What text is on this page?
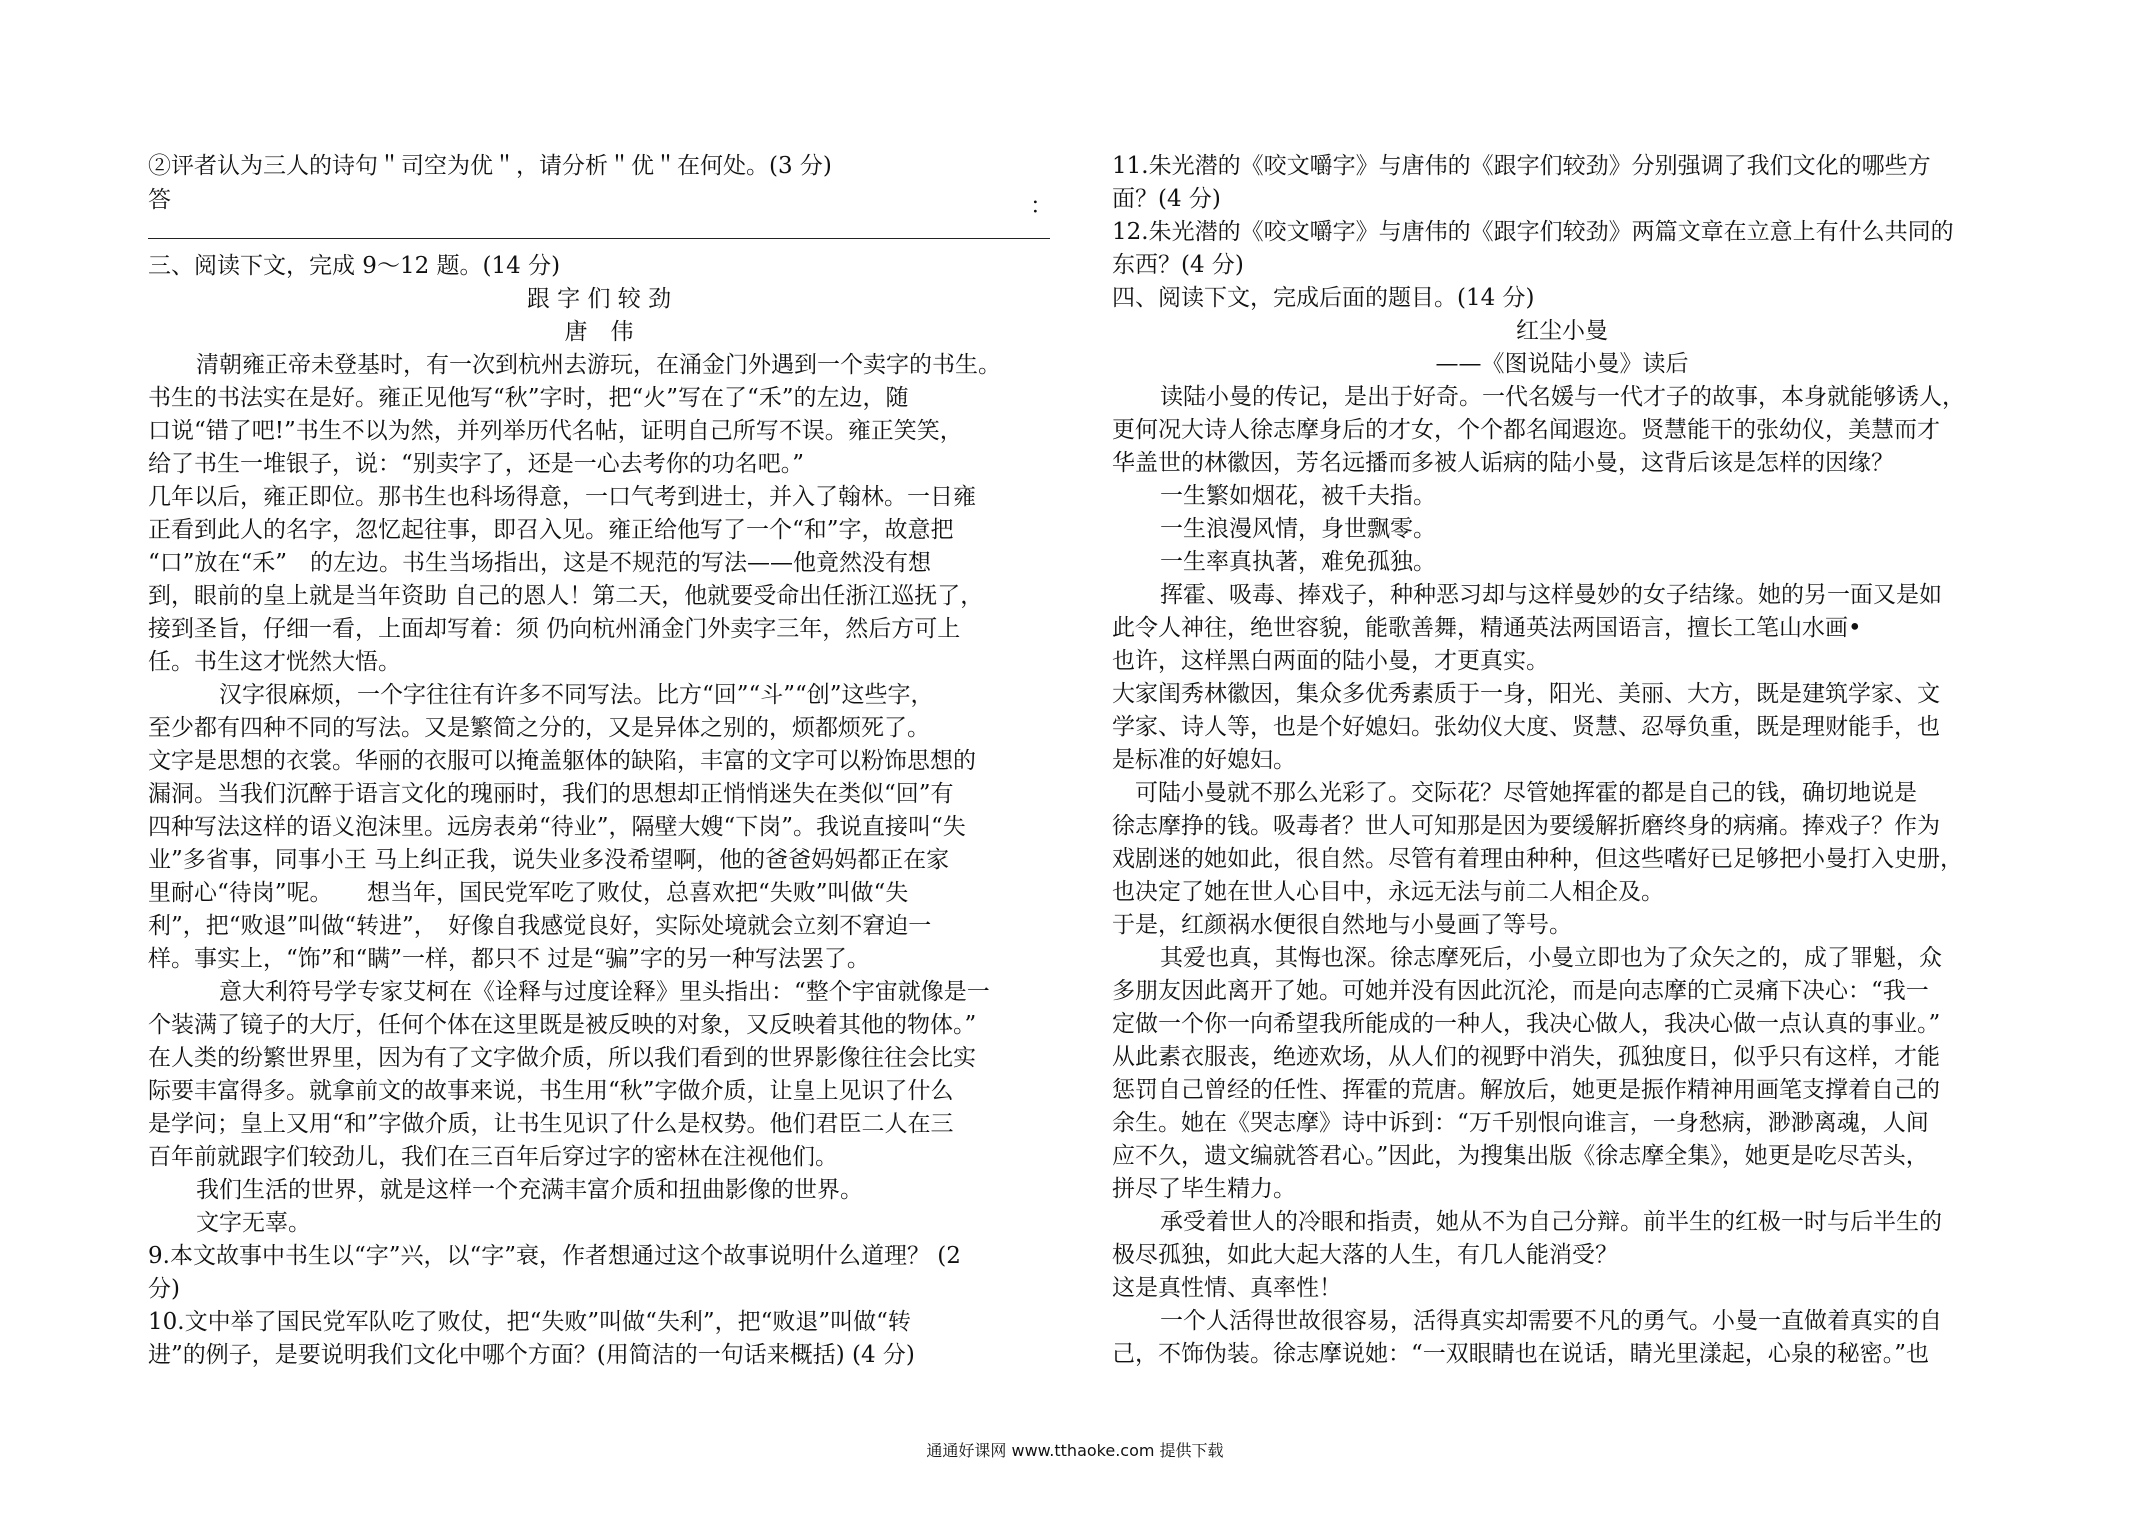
②评者认为三人的诗句＂司空为优＂，请分析＂优＂在何处。(3 分)
答	：
三、阅读下文，完成 9～12 题。(14 分)
跟 字 们 较 劲
唐　伟
清朝雍正帝未登基时，有一次到杭州去游玩，在涌金门外遇到一个卖字的书生。
书生的书法实在是好。雍正见他写“秋”字时，把“火”写在了“禾”的左边，随
口说“错了吧!”书生不以为然，并列举历代名帖，证明自己所写不误。雍正笑笑，
给了书生一堆银子，说：“别卖字了，还是一心去考你的功名吧。”
几年以后，雍正即位。那书生也科场得意，一口气考到进士，并入了翰林。一日雍
正看到此人的名字，忽忆起往事，即召入见。雍正给他写了一个“和”字，故意把
“口”放在“禾”　的左边。书生当场指出，这是不规范的写法——他竟然没有想
到，眼前的皇上就是当年资助 自己的恩人！第二天，他就要受命出任浙江巡抚了，
接到圣旨，仔细一看，上面却写着：须 仍向杭州涌金门外卖字三年，然后方可上
任。书生这才恍然大悟。
　汉字很麻烦，一个字往往有许多不同写法。比方“回”“斗”“创”这些字，
至少都有四种不同的写法。又是繁简之分的，又是异体之别的，烦都烦死了。
文字是思想的衣裳。华丽的衣服可以掩盖躯体的缺陷，丰富的文字可以粉饰思想的
漏洞。当我们沉醉于语言文化的瑰丽时，我们的思想却正悄悄迷失在类似“回”有
四种写法这样的语义泡沫里。远房表弟“待业”，隔壁大嫂“下岗”。我说直接叫“失
业”多省事，同事小王 马上纠正我，说失业多没希望啊，他的爸爸妈妈都正在家
里耐心“待岗”呢。　　想当年，国民党军吃了败仗，总喜欢把“失败”叫做“失
利”，把“败退”叫做“转进”，　好像自我感觉良好，实际处境就会立刻不窘迫一
样。事实上，“饰”和“瞒”一样，都只不 过是“骗”字的另一种写法罢了。
　意大利符号学专家艾柯在《诠释与过度诠释》里头指出：“整个宇宙就像是一
个装满了镜子的大厅，任何个体在这里既是被反映的对象，又反映着其他的物体。”
在人类的纷繁世界里，因为有了文字做介质，所以我们看到的世界影像往往会比实
际要丰富得多。就拿前文的故事来说，书生用“秋”字做介质，让皇上见识了什么
是学问；皇上又用“和”字做介质，让书生见识了什么是权势。他们君臣二人在三
百年前就跟字们较劲儿，我们在三百年后穿过字的密林在注视他们。
我们生活的世界，就是这样一个充满丰富介质和扭曲影像的世界。
文字无辜。
9.本文故事中书生以“字”兴，以“字”衰，作者想通过这个故事说明什么道理？ (2
分)
10.文中举了国民党军队吃了败仗，把“失败”叫做“失利”，把“败退”叫做“转
进”的例子，是要说明我们文化中哪个方面？(用简洁的一句话来概括) (4 分)
11.朱光潜的《咬文嚼字》与唐伟的《跟字们较劲》分别强调了我们文化的哪些方
面？(4 分)
12.朱光潜的《咬文嚼字》与唐伟的《跟字们较劲》两篇文章在立意上有什么共同的
东西？(4 分)
四、阅读下文，完成后面的题目。(14 分)
红尘小曼
——《图说陆小曼》读后
读陆小曼的传记，是出于好奇。一代名媛与一代才子的故事，本身就能够诱人，
更何况大诗人徐志摩身后的才女，个个都名闻遐迩。贤慧能干的张幼仪，美慧而才
华盖世的林徽因，芳名远播而多被人诟病的陆小曼，这背后该是怎样的因缘？
一生繁如烟花，被千夫指。
一生浪漫风情，身世飘零。
一生率真执著，难免孤独。
挥霍、吸毒、捧戏子，种种恶习却与这样曼妙的女子结缘。她的另一面又是如
此令人神往，绝世容貌，能歌善舞，精通英法两国语言，擅长工笔山水画•
也许，这样黑白两面的陆小曼，才更真实。
大家闺秀林徽因，集众多优秀素质于一身，阳光、美丽、大方，既是建筑学家、文
学家、诗人等，也是个好媳妇。张幼仪大度、贤慧、忍辱负重，既是理财能手，也
是标准的好媳妇。
　可陆小曼就不那么光彩了。交际花？尽管她挥霍的都是自己的钱，确切地说是
徐志摩挣的钱。吸毒者？世人可知那是因为要缓解折磨终身的病痛。捧戏子？作为
戏剧迷的她如此，很自然。尽管有着理由种种，但这些嗜好已足够把小曼打入史册，
也决定了她在世人心目中，永远无法与前二人相企及。
于是，红颜祸水便很自然地与小曼画了等号。
其爱也真，其悔也深。徐志摩死后，小曼立即也为了众矢之的，成了罪魁，众
多朋友因此离开了她。可她并没有因此沉沦，而是向志摩的亡灵痛下决心：“我一
定做一个你一向希望我所能成的一种人，我决心做人，我决心做一点认真的事业。”
从此素衣服丧，绝迹欢场，从人们的视野中消失，孤独度日，似乎只有这样，才能
惩罚自己曾经的任性、挥霍的荒唐。解放后，她更是振作精神用画笔支撑着自己的
余生。她在《哭志摩》诗中诉到：“万千别恨向谁言，一身愁病，渺渺离魂，人间
应不久，遗文编就答君心。”因此，为搜集出版《徐志摩全集》，她更是吃尽苦头，
拼尽了毕生精力。
承受着世人的冷眼和指责，她从不为自己分辩。前半生的红极一时与后半生的
极尽孤独，如此大起大落的人生，有几人能消受？
这是真性情、真率性！
一个人活得世故很容易，活得真实却需要不凡的勇气。小曼一直做着真实的自
己，不饰伪装。徐志摩说她：“一双眼睛也在说话，睛光里漾起，心泉的秘密。”也
通通好课网 www.tthaoke.com 提供下载
